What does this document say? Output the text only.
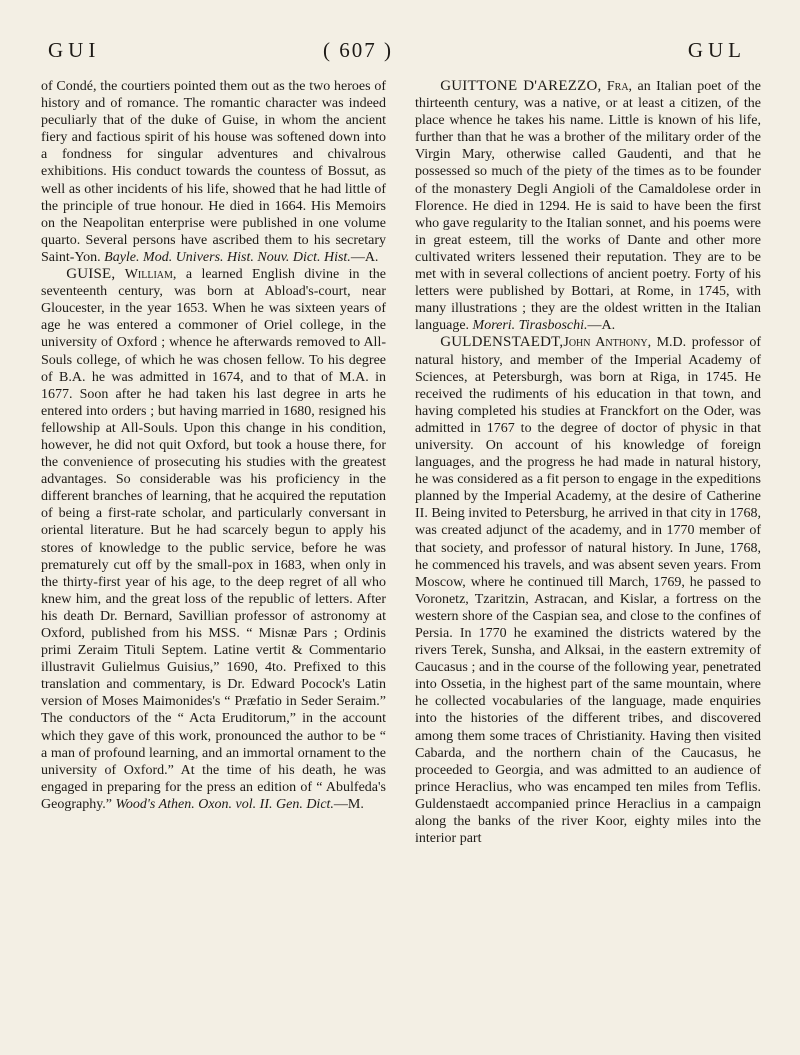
GUI	( 607 )	GUL

of Condé, the courtiers pointed them out as the two heroes of history and of romance. The romantic character was indeed peculiarly that of the duke of Guise, in whom the ancient fiery and factious spirit of his house was softened down into a fondness for singular adventures and chivalrous exhibitions. His conduct towards the countess of Bossut, as well as other incidents of his life, showed that he had little of the principle of true honour. He died in 1664. His Memoirs on the Neapolitan enterprise were published in one volume quarto. Several persons have ascribed them to his secretary Saint-Yon. Bayle. Mod. Univers. Hist. Nouv. Dict. Hist.—A.

GUISE, William, a learned English divine in the seventeenth century, was born at Abload's-court, near Gloucester, in the year 1653. When he was sixteen years of age he was entered a commoner of Oriel college, in the university of Oxford ; whence he afterwards removed to All-Souls college, of which he was chosen fellow. To his degree of B.A. he was admitted in 1674, and to that of M.A. in 1677. Soon after he had taken his last degree in arts he entered into orders ; but having married in 1680, resigned his fellowship at All-Souls. Upon this change in his condition, however, he did not quit Oxford, but took a house there, for the convenience of prosecuting his studies with the greatest advantages. So considerable was his proficiency in the different branches of learning, that he acquired the reputation of being a first-rate scholar, and particularly conversant in oriental literature. But he had scarcely begun to apply his stores of knowledge to the public service, before he was prematurely cut off by the small-pox in 1683, when only in the thirty-first year of his age, to the deep regret of all who knew him, and the great loss of the republic of letters. After his death Dr. Bernard, Savillian professor of astronomy at Oxford, published from his MSS. “ Misnæ Pars ; Ordinis primi Zeraim Tituli Septem. Latine vertit & Commentario illustravit Gulielmus Guisius,” 1690, 4to. Prefixed to this translation and commentary, is Dr. Edward Pocock's Latin version of Moses Maimonides's “ Præfatio in Seder Seraim.” The conductors of the “ Acta Eruditorum,” in the account which they gave of this work, pronounced the author to be “ a man of profound learning, and an immortal ornament to the university of Oxford.” At the time of his death, he was engaged in preparing for the press an edition of “ Abulfeda's Geography.” Wood's Athen. Oxon. vol. II. Gen. Dict.—M.

GUITTONE D'AREZZO, Fra, an Italian poet of the thirteenth century, was a native, or at least a citizen, of the place whence he takes his name. Little is known of his life, further than that he was a brother of the military order of the Virgin Mary, otherwise called Gaudenti, and that he possessed so much of the piety of the times as to be founder of the monastery Degli Angioli of the Camaldolese order in Florence. He died in 1294. He is said to have been the first who gave regularity to the Italian sonnet, and his poems were in great esteem, till the works of Dante and other more cultivated writers lessened their reputation. They are to be met with in several collections of ancient poetry. Forty of his letters were published by Bottari, at Rome, in 1745, with many illustrations ; they are the oldest written in the Italian language. Moreri. Tirasboschi.—A.

GULDENSTAEDT,John Anthony, M.D. professor of natural history, and member of the Imperial Academy of Sciences, at Petersburgh, was born at Riga, in 1745. He received the rudiments of his education in that town, and having completed his studies at Franckfort on the Oder, was admitted in 1767 to the degree of doctor of physic in that university. On account of his knowledge of foreign languages, and the progress he had made in natural history, he was considered as a fit person to engage in the expeditions planned by the Imperial Academy, at the desire of Catherine II. Being invited to Petersburg, he arrived in that city in 1768, was created adjunct of the academy, and in 1770 member of that society, and professor of natural history. In June, 1768, he commenced his travels, and was absent seven years. From Moscow, where he continued till March, 1769, he passed to Voronetz, Tzaritzin, Astracan, and Kislar, a fortress on the western shore of the Caspian sea, and close to the confines of Persia. In 1770 he examined the districts watered by the rivers Terek, Sunsha, and Alksai, in the eastern extremity of Caucasus ; and in the course of the following year, penetrated into Ossetia, in the highest part of the same mountain, where he collected vocabularies of the language, made enquiries into the histories of the different tribes, and discovered among them some traces of Christianity. Having then visited Cabarda, and the northern chain of the Caucasus, he proceeded to Georgia, and was admitted to an audience of prince Heraclius, who was encamped ten miles from Teflis. Guldenstaedt accompanied prince Heraclius in a campaign along the banks of the river Koor, eighty miles into the interior part
